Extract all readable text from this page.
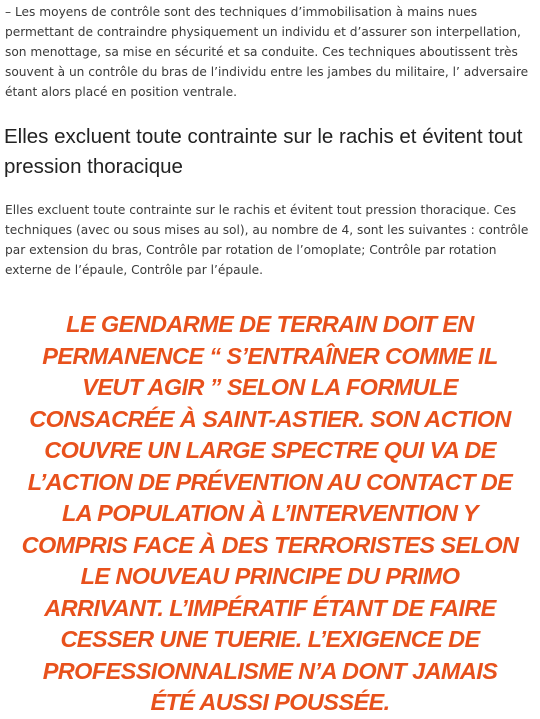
– Les moyens de contrôle sont des techniques d’immobilisation à mains nues permettant de contraindre physiquement un individu et d’assurer son interpellation, son menottage, sa mise en sécurité et sa conduite. Ces techniques aboutissent très souvent à un contrôle du bras de l’individu entre les jambes du militaire, l’ adversaire étant alors placé en position ventrale.

Elles excluent toute contrainte sur le rachis et évitent tout pression thoracique

Elles excluent toute contrainte sur le rachis et évitent tout pression thoracique. Ces techniques (avec ou sous mises au sol), au nombre de 4, sont les suivantes : contrôle par extension du bras, Contrôle par rotation de l’omoplate; Contrôle par rotation externe de l’épaule, Contrôle par l’épaule.

LE GENDARME DE TERRAIN DOIT EN PERMANENCE “ S’ENTRAÎNER COMME IL VEUT AGIR ” SELON LA FORMULE CONSACRÉE À SAINT-ASTIER. SON ACTION COUVRE UN LARGE SPECTRE QUI VA DE L’ACTION DE PRÉVENTION AU CONTACT DE LA POPULATION À L’INTERVENTION Y COMPRIS FACE À DES TERRORISTES SELON LE NOUVEAU PRINCIPE DU PRIMO ARRIVANT. L’IMPÉRATIF ÉTANT DE FAIRE CESSER UNE TUERIE. L’EXIGENCE DE PROFESSIONNALISME N’A DONT JAMAIS ÉTÉ AUSSI POUSSÉE.
